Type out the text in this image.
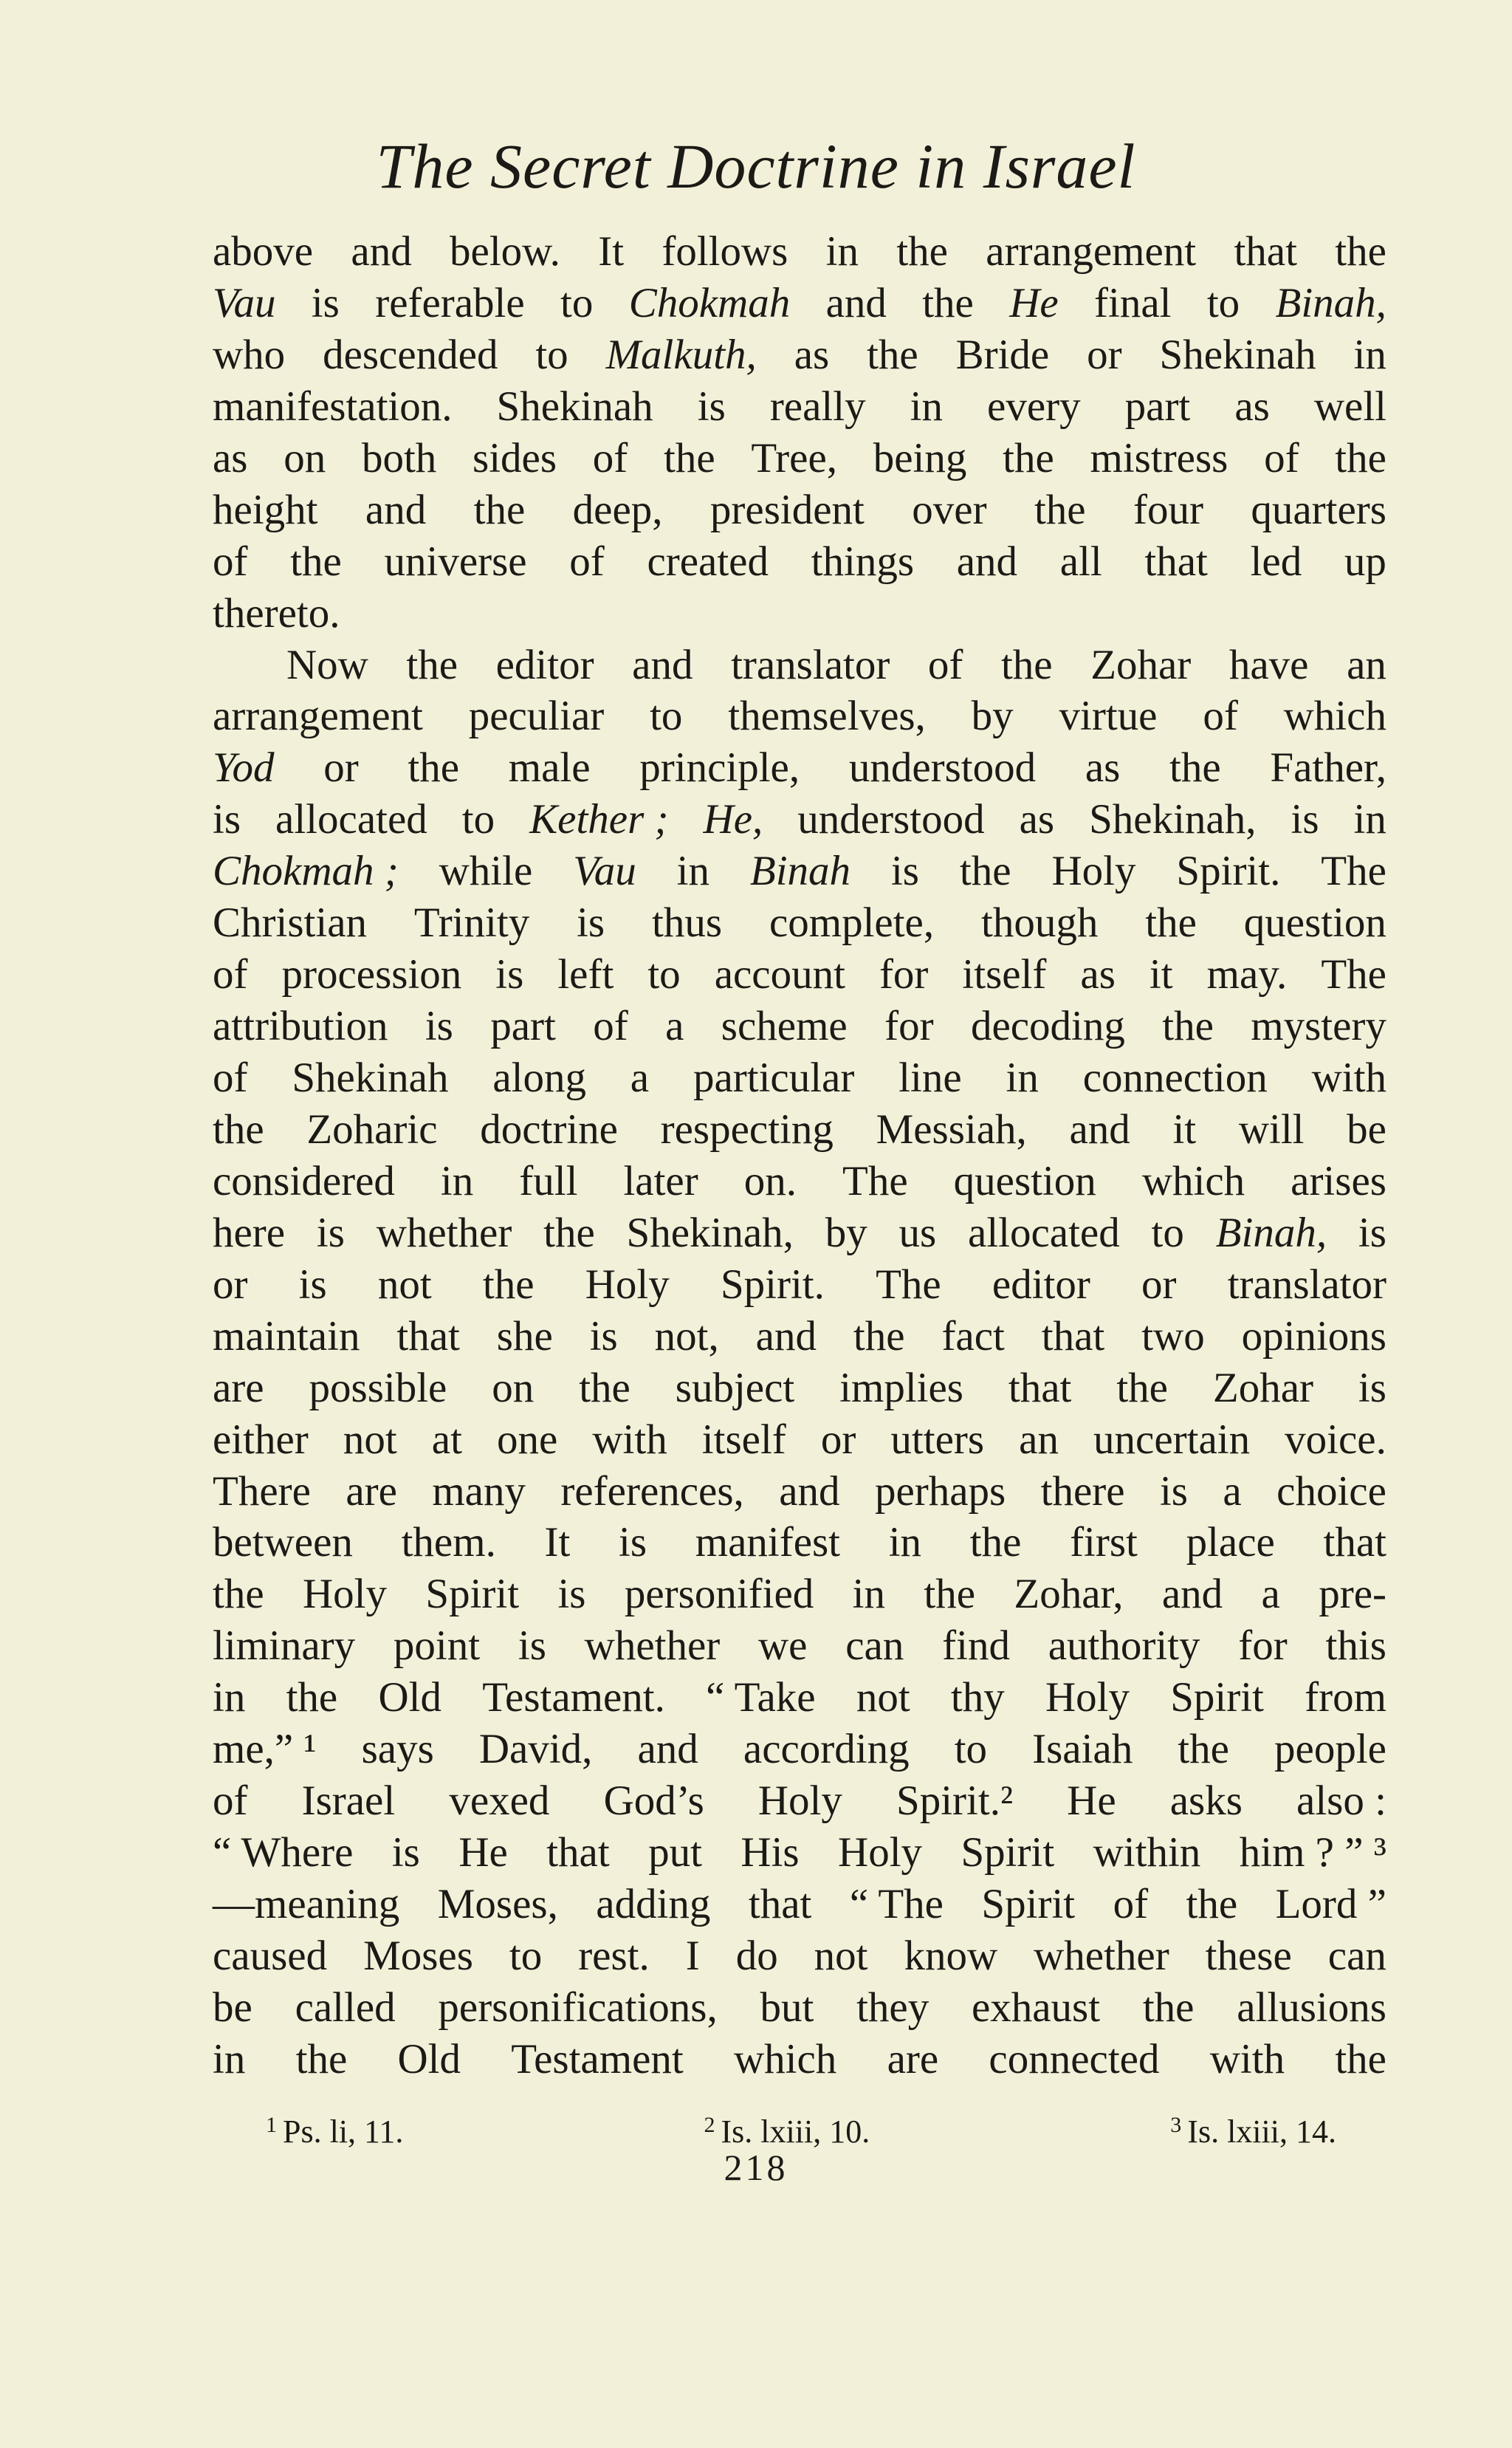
The Secret Doctrine in Israel
above and below. It follows in the arrangement that the
Vau is referable to Chokmah and the He final to Binah,
who descended to Malkuth, as the Bride or Shekinah in
manifestation. Shekinah is really in every part as well
as on both sides of the Tree, being the mistress of the
height and the deep, president over the four quarters
of the universe of created things and all that led up
thereto.
Now the editor and translator of the Zohar have an
arrangement peculiar to themselves, by virtue of which
Yod or the male principle, understood as the Father,
is allocated to Kether ; He, understood as Shekinah, is in
Chokmah ; while Vau in Binah is the Holy Spirit. The
Christian Trinity is thus complete, though the question
of procession is left to account for itself as it may. The
attribution is part of a scheme for decoding the mystery
of Shekinah along a particular line in connection with
the Zoharic doctrine respecting Messiah, and it will be
considered in full later on. The question which arises
here is whether the Shekinah, by us allocated to Binah, is
or is not the Holy Spirit. The editor or translator
maintain that she is not, and the fact that two opinions
are possible on the subject implies that the Zohar is
either not at one with itself or utters an uncertain voice.
There are many references, and perhaps there is a choice
between them. It is manifest in the first place that
the Holy Spirit is personified in the Zohar, and a pre-
liminary point is whether we can find authority for this
in the Old Testament. “ Take not thy Holy Spirit from
me,” ¹ says David, and according to Isaiah the people
of Israel vexed God’s Holy Spirit.² He asks also :
“ Where is He that put His Holy Spirit within him ? ” ³
—meaning Moses, adding that “ The Spirit of the Lord ”
caused Moses to rest. I do not know whether these can
be called personifications, but they exhaust the allusions
in the Old Testament which are connected with the
$^1$ Ps. li, 11.	$^2$ Is. lxiii, 10.	$^3$ Is. lxiii, 14.
218
